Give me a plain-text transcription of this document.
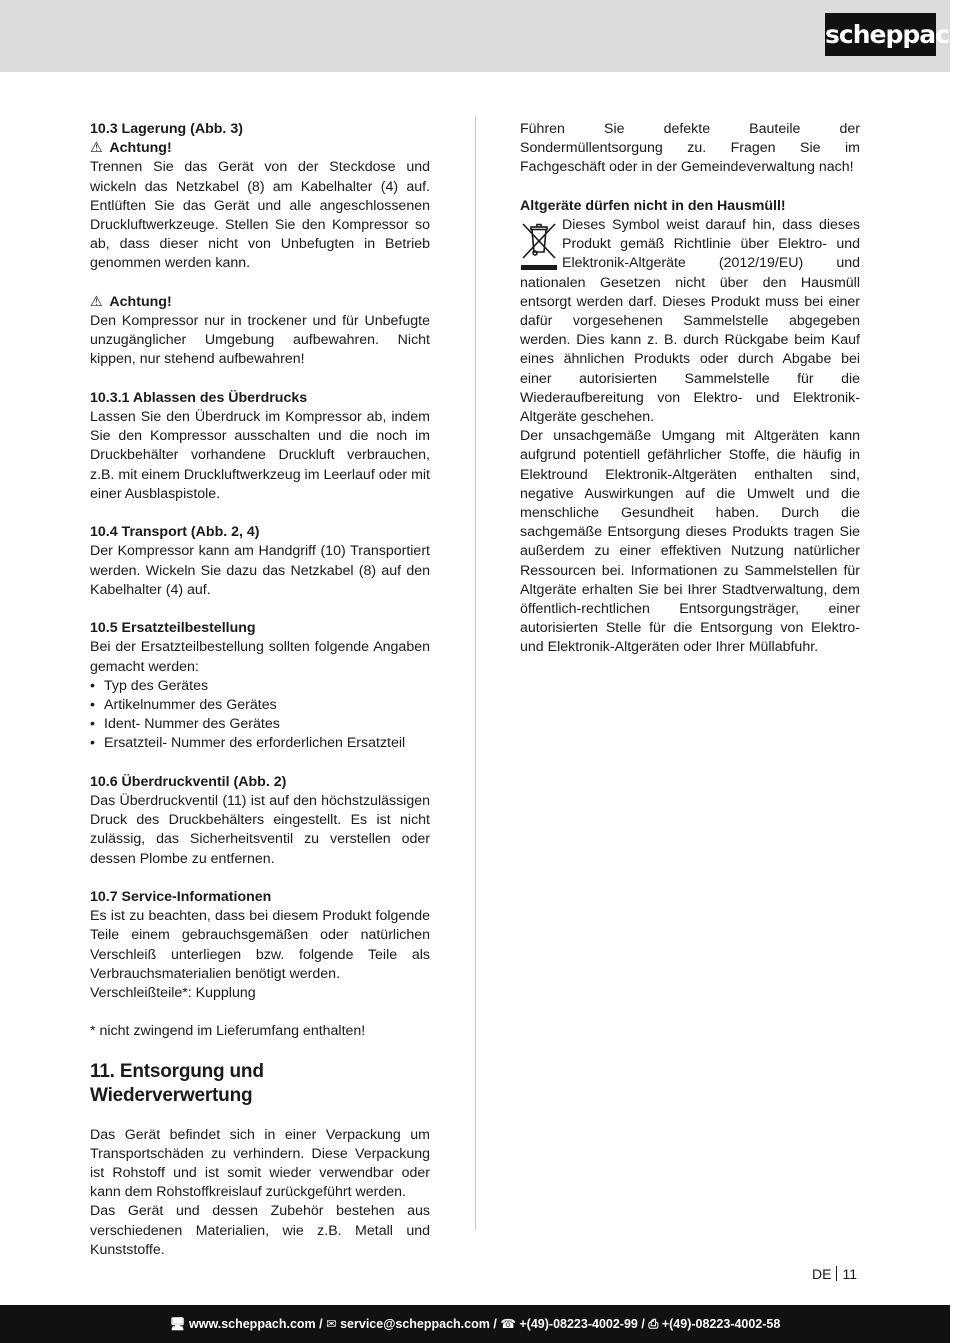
scheppach
10.3 Lagerung (Abb. 3)
⚠ Achtung!

Trennen Sie das Gerät von der Steckdose und wickeln das Netzkabel (8) am Kabelhalter (4) auf. Entlüften Sie das Gerät und alle angeschlossenen Druckluftwerkzeuge. Stellen Sie den Kompressor so ab, dass dieser nicht von Unbefugten in Betrieb genommen werden kann.

⚠ Achtung!

Den Kompressor nur in trockener und für Unbefugte unzugänglicher Umgebung aufbewahren. Nicht kippen, nur stehend aufbewahren!

10.3.1 Ablassen des Überdrucks

Lassen Sie den Überdruck im Kompressor ab, indem Sie den Kompressor ausschalten und die noch im Druckbehälter vorhandene Druckluft verbrauchen, z.B. mit einem Druckluftwerkzeug im Leerlauf oder mit einer Ausblaspistole.

10.4 Transport (Abb. 2, 4)

Der Kompressor kann am Handgriff (10) Transportiert werden. Wickeln Sie dazu das Netzkabel (8) auf den Kabelhalter (4) auf.

10.5 Ersatzteilbestellung

Bei der Ersatzteilbestellung sollten folgende Angaben gemacht werden:

• Typ des Gerätes
• Artikelnummer des Gerätes
• Ident- Nummer des Gerätes
• Ersatzteil- Nummer des erforderlichen Ersatzteil
10.6 Überdruckventil (Abb. 2)

Das Überdruckventil (11) ist auf den höchstzulässigen Druck des Druckbehälters eingestellt. Es ist nicht zulässig, das Sicherheitsventil zu verstellen oder dessen Plombe zu entfernen.

10.7 Service-Informationen

Es ist zu beachten, dass bei diesem Produkt folgende Teile einem gebrauchsgemäßen oder natürlichen Verschleiß unterliegen bzw. folgende Teile als Verbrauchsmaterialien benötigt werden.

Verschleißteile*: Kupplung

* nicht zwingend im Lieferumfang enthalten!

11. Entsorgung und Wiederverwertung

Das Gerät befindet sich in einer Verpackung um Transportschäden zu verhindern. Diese Verpackung ist Rohstoff und ist somit wieder verwendbar oder kann dem Rohstoffkreislauf zurückgeführt werden.

Das Gerät und dessen Zubehör bestehen aus verschiedenen Materialien, wie z.B. Metall und Kunststoffe.

Führen Sie defekte Bauteile der Sondermüllentsorgung zu. Fragen Sie im Fachgeschäft oder in der Gemeindeverwaltung nach!

Altgeräte dürfen nicht in den Hausmüll!

Dieses Symbol weist darauf hin, dass dieses Produkt gemäß Richtlinie über Elektro- und Elektronik-Altgeräte (2012/19/EU) und nationalen Gesetzen nicht über den Hausmüll entsorgt werden darf. Dieses Produkt muss bei einer dafür vorgesehenen Sammelstelle abgegeben werden. Dies kann z. B. durch Rückgabe beim Kauf eines ähnlichen Produkts oder durch Abgabe bei einer autorisierten Sammelstelle für die Wiederaufbereitung von Elektro- und Elektronik- Altgeräte geschehen.

Der unsachgemäße Umgang mit Altgeräten kann aufgrund potentiell gefährlicher Stoffe, die häufig in Elektround Elektronik-Altgeräten enthalten sind, negative Auswirkungen auf die Umwelt und die menschliche Gesundheit haben. Durch die sachgemäße Entsorgung dieses Produkts tragen Sie außerdem zu einer effektiven Nutzung natürlicher Ressourcen bei. Informationen zu Sammelstellen für Altgeräte erhalten Sie bei Ihrer Stadtverwaltung, dem öffentlich-rechtlichen Entsorgungsträger, einer autorisierten Stelle für die Entsorgung von Elektro- und Elektronik-Altgeräten oder Ihrer Müllabfuhr.

DE 11
🖥 www.scheppach.com / ✉ service@scheppach.com / ☎ +(49)-08223-4002-99 / ⎙ +(49)-08223-4002-58
